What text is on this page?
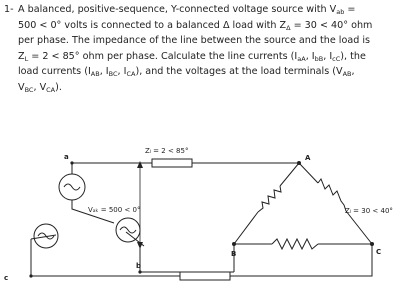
1- A balanced, positive-sequence, Y-connected voltage source with $V_{ab}$ =
500 < 0° volts is connected to a balanced Δ load with $Z_\Delta = 30 < 40^\circ$ ohm
per phase. The impedance of the line between the source and the load is
$Z_L = 2 < 85^\circ$ ohm per phase. Calculate the line currents ($I_{aA}$, $I_{bB}$, $I_{cC}$), the
load currents ($I_{AB}$, $I_{BC}$, $I_{CA}$), and the voltages at the load terminals ($V_{AB}$,
$V_{BC}$, $V_{CA}$).
Zₗ = 2 < 85°
Zₗ = 30 < 40°
Vₐₖ = 500 < 0°
a
b
c
A
B	C
